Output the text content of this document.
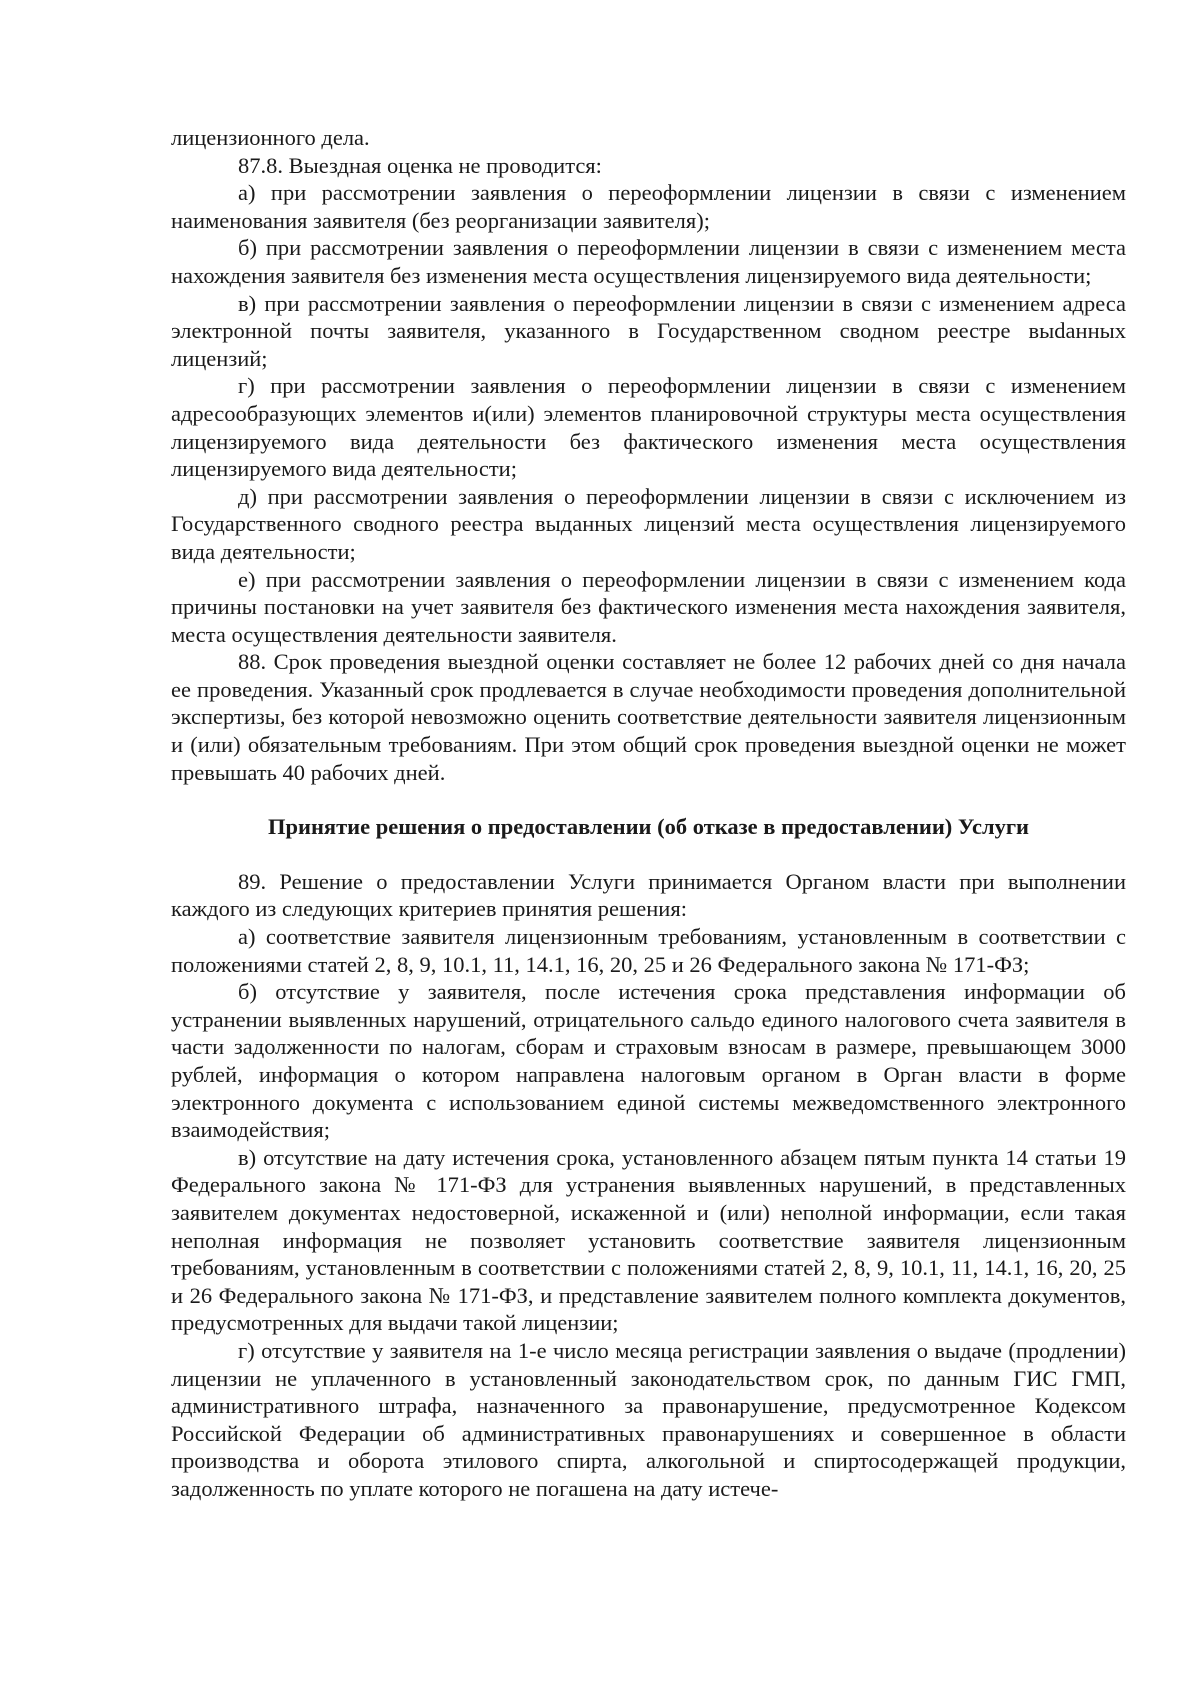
лицензионного дела.

87.8. Выездная оценка не проводится:

а) при рассмотрении заявления о переоформлении лицензии в связи с изменением наименования заявителя (без реорганизации заявителя);

б) при рассмотрении заявления о переоформлении лицензии в связи с изменением места нахождения заявителя без изменения места осуществления лицензируемого вида деятельности;

в) при рассмотрении заявления о переоформлении лицензии в связи с изменением адреса электронной почты заявителя, указанного в Государственном сводном реестре выdанных лицензий;

г) при рассмотрении заявления о переоформлении лицензии в связи с изменением адресообразующих элементов и(или) элементов планировочной структуры места осуществления лицензируемого вида деятельности без фактического изменения места осуществления лицензируемого вида деятельности;

д) при рассмотрении заявления о переоформлении лицензии в связи с исключением из Государственного сводного реестра выданных лицензий места осуществления лицензируемого вида деятельности;

е) при рассмотрении заявления о переоформлении лицензии в связи с изменением кода причины постановки на учет заявителя без фактического изменения места нахождения заявителя, места осуществления деятельности заявителя.

88. Срок проведения выездной оценки составляет не более 12 рабочих дней со дня начала ее проведения. Указанный срок продлевается в случае необходимости проведения дополнительной экспертизы, без которой невозможно оценить соответствие деятельности заявителя лицензионным и (или) обязательным требованиям. При этом общий срок проведения выездной оценки не может превышать 40 рабочих дней.

Принятие решения о предоставлении (об отказе в предоставлении) Услуги

89. Решение о предоставлении Услуги принимается Органом власти при выполнении каждого из следующих критериев принятия решения:

а) соответствие заявителя лицензионным требованиям, установленным в соответствии с положениями статей 2, 8, 9, 10.1, 11, 14.1, 16, 20, 25 и 26 Федерального закона № 171-ФЗ;

б) отсутствие у заявителя, после истечения срока представления информации об устранении выявленных нарушений, отрицательного сальдо единого налогового счета заявителя в части задолженности по налогам, сборам и страховым взносам в размере, превышающем 3000 рублей, информация о котором направлена налоговым органом в Орган власти в форме электронного документа с использованием единой системы межведомственного электронного взаимодействия;

в) отсутствие на дату истечения срока, установленного абзацем пятым пункта 14 статьи 19 Федерального закона № 171-ФЗ для устранения выявленных нарушений, в представленных заявителем документах недостоверной, искаженной и (или) неполной информации, если такая неполная информация не позволяет установить соответствие заявителя лицензионным требованиям, установленным в соответствии с положениями статей 2, 8, 9, 10.1, 11, 14.1, 16, 20, 25 и 26 Федерального закона № 171-ФЗ, и представление заявителем полного комплекта документов, предусмотренных для выдачи такой лицензии;

г) отсутствие у заявителя на 1-е число месяца регистрации заявления о выдаче (продлении) лицензии не уплаченного в установленный законодательством срок, по данным ГИС ГМП, административного штрафа, назначенного за правонарушение, предусмотренное Кодексом Российской Федерации об административных правонарушениях и совершенное в области производства и оборота этилового спирта, алкогольной и спиртосодержащей продукции, задолженность по уплате которого не погашена на дату истече-
